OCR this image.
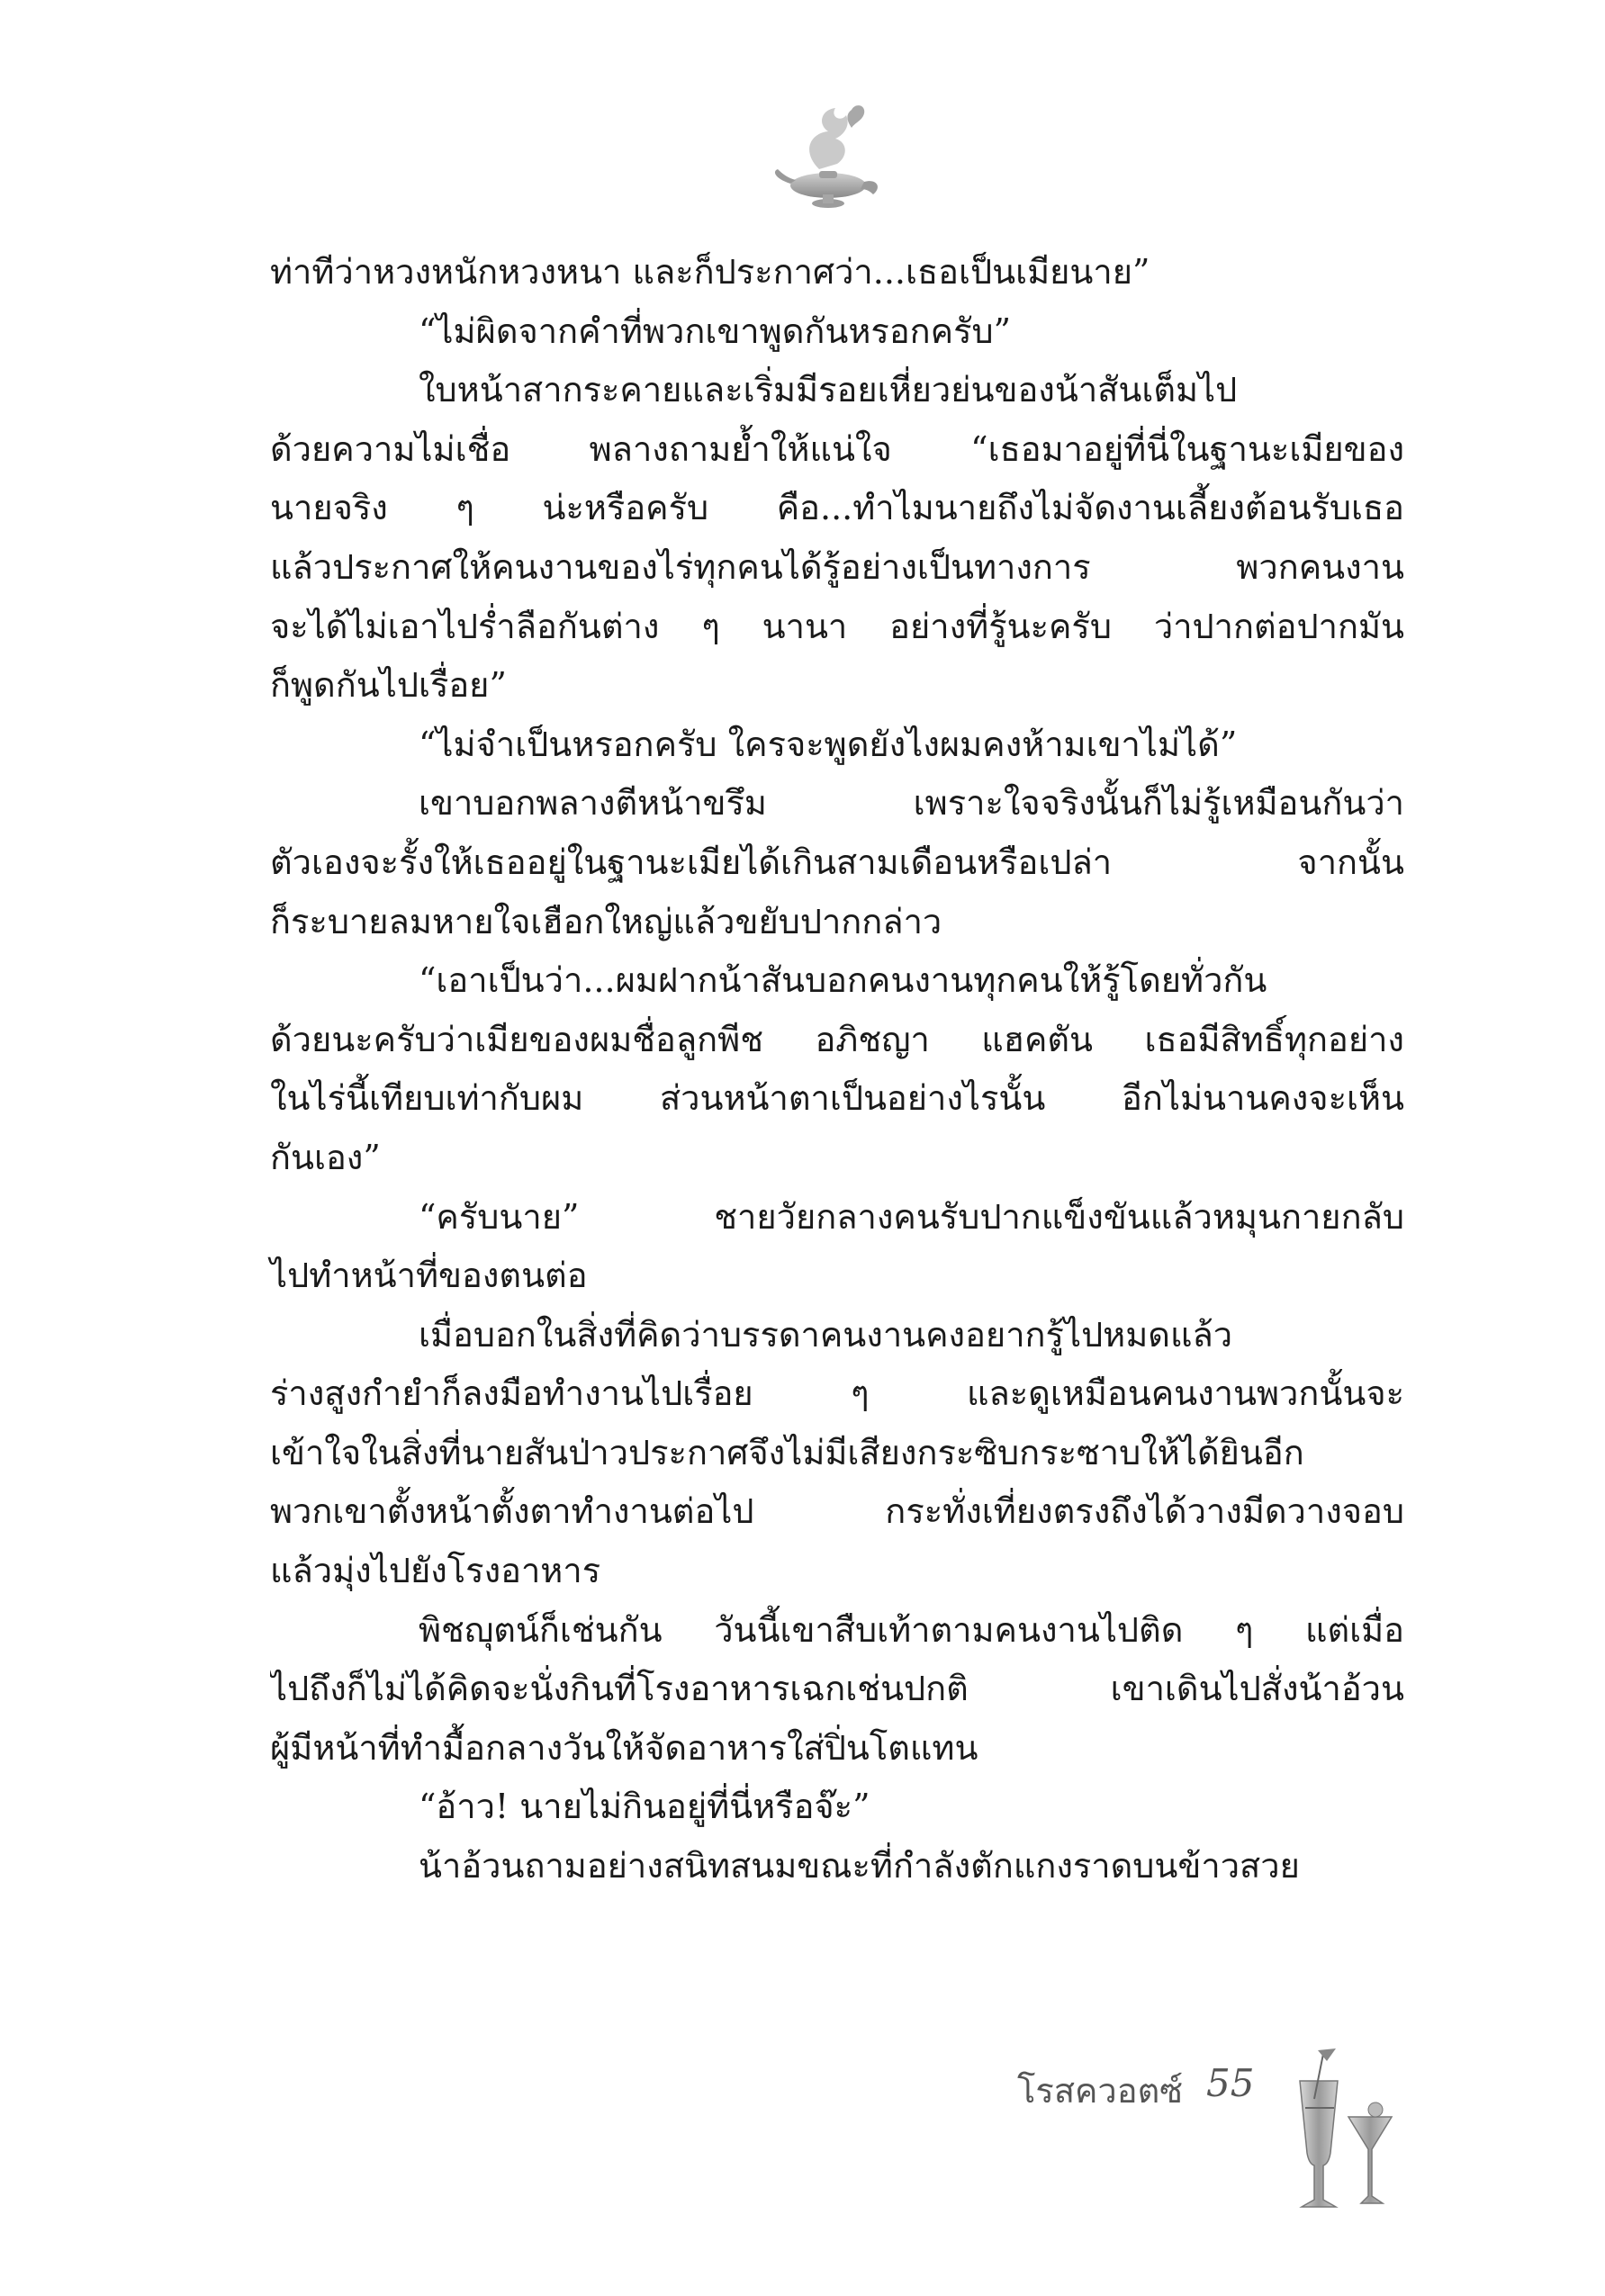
ท่าทีว่าหวงหนักหวงหนา และก็ประกาศว่า...เธอเป็นเมียนาย”
“ไม่ผิดจากคำที่พวกเขาพูดกันหรอกครับ”
ใบหน้าสากระคายและเริ่มมีรอยเหี่ยวย่นของน้าสันเต็มไป
ด้วยความไม่เชื่อ พลางถามย้ำให้แน่ใจ “เธอมาอยู่ที่นี่ในฐานะเมียของ
นายจริง ๆ น่ะหรือครับ คือ...ทำไมนายถึงไม่จัดงานเลี้ยงต้อนรับเธอ
แล้วประกาศให้คนงานของไร่ทุกคนได้รู้อย่างเป็นทางการ พวกคนงาน
จะได้ไม่เอาไปร่ำลือกันต่าง ๆ นานา อย่างที่รู้นะครับ ว่าปากต่อปากมัน
ก็พูดกันไปเรื่อย”
“ไม่จำเป็นหรอกครับ ใครจะพูดยังไงผมคงห้ามเขาไม่ได้”
เขาบอกพลางตีหน้าขรึม เพราะใจจริงนั้นก็ไม่รู้เหมือนกันว่า
ตัวเองจะรั้งให้เธออยู่ในฐานะเมียได้เกินสามเดือนหรือเปล่า จากนั้น
ก็ระบายลมหายใจเฮือกใหญ่แล้วขยับปากกล่าว
“เอาเป็นว่า...ผมฝากน้าสันบอกคนงานทุกคนให้รู้โดยทั่วกัน
ด้วยนะครับว่าเมียของผมชื่อลูกพีช อภิชญา แฮคตัน เธอมีสิทธิ์ทุกอย่าง
ในไร่นี้เทียบเท่ากับผม ส่วนหน้าตาเป็นอย่างไรนั้น อีกไม่นานคงจะเห็น
กันเอง”
“ครับนาย” ชายวัยกลางคนรับปากแข็งขันแล้วหมุนกายกลับ
ไปทำหน้าที่ของตนต่อ
เมื่อบอกในสิ่งที่คิดว่าบรรดาคนงานคงอยากรู้ไปหมดแล้ว
ร่างสูงกำยำก็ลงมือทำงานไปเรื่อย ๆ และดูเหมือนคนงานพวกนั้นจะ
เข้าใจในสิ่งที่นายสันป่าวประกาศจึงไม่มีเสียงกระซิบกระซาบให้ได้ยินอีก
พวกเขาตั้งหน้าตั้งตาทำงานต่อไป กระทั่งเที่ยงตรงถึงได้วางมีดวางจอบ
แล้วมุ่งไปยังโรงอาหาร
พิชญุตน์ก็เช่นกัน วันนี้เขาสืบเท้าตามคนงานไปติด ๆ แต่เมื่อ
ไปถึงก็ไม่ได้คิดจะนั่งกินที่โรงอาหารเฉกเช่นปกติ เขาเดินไปสั่งน้าอ้วน
ผู้มีหน้าที่ทำมื้อกลางวันให้จัดอาหารใส่ปิ่นโตแทน
“อ้าว! นายไม่กินอยู่ที่นี่หรือจ๊ะ”
น้าอ้วนถามอย่างสนิทสนมขณะที่กำลังตักแกงราดบนข้าวสวย
โรสควอตซ์ 55
